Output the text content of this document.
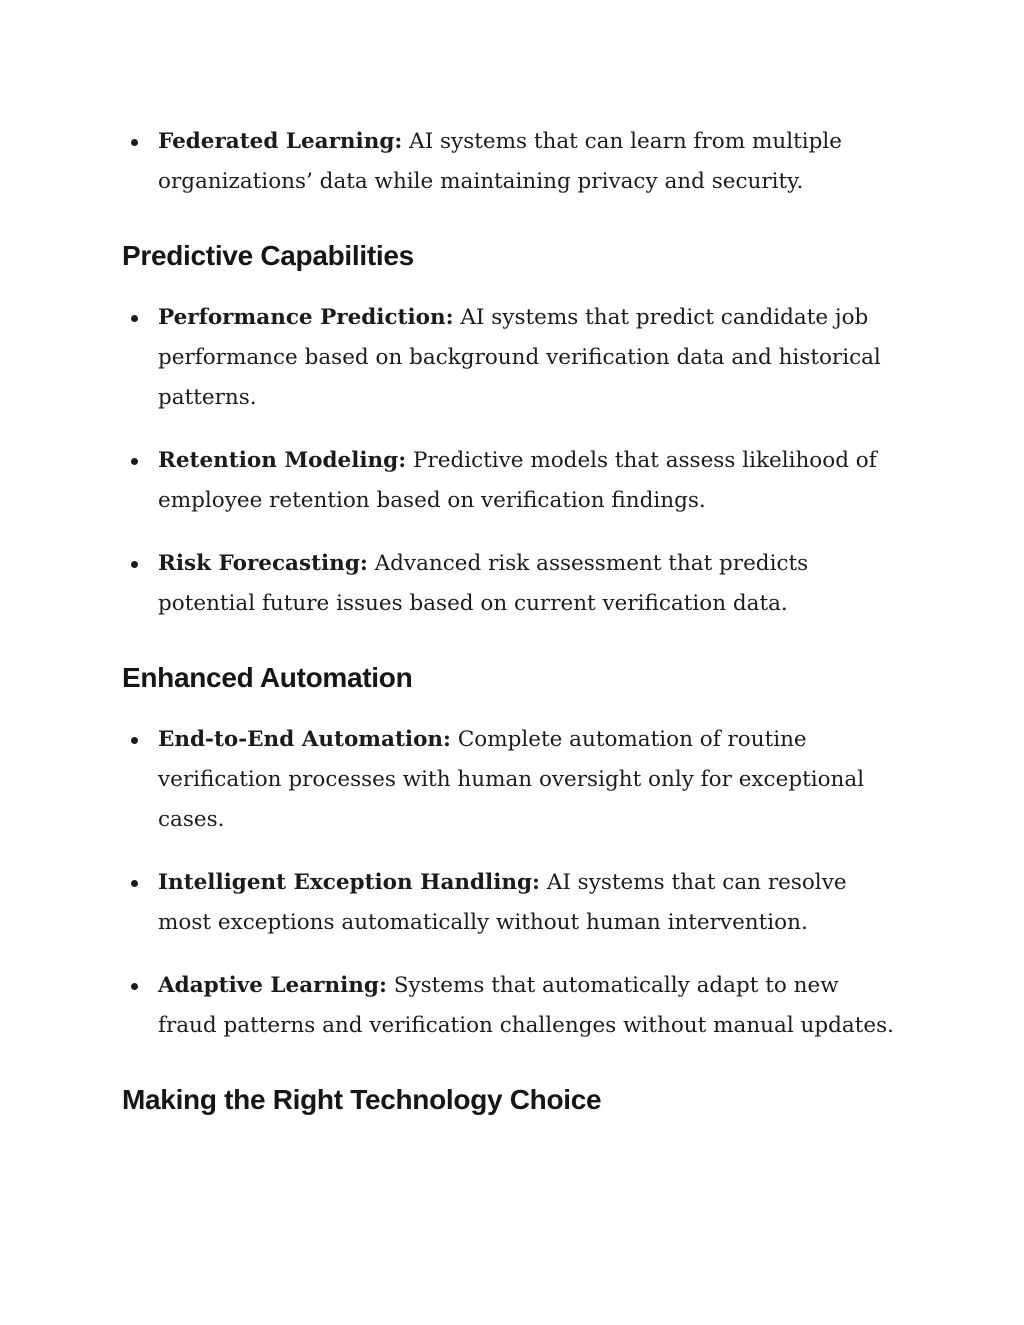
Federated Learning: AI systems that can learn from multiple organizations’ data while maintaining privacy and security.
Predictive Capabilities
Performance Prediction: AI systems that predict candidate job performance based on background verification data and historical patterns.
Retention Modeling: Predictive models that assess likelihood of employee retention based on verification findings.
Risk Forecasting: Advanced risk assessment that predicts potential future issues based on current verification data.
Enhanced Automation
End-to-End Automation: Complete automation of routine verification processes with human oversight only for exceptional cases.
Intelligent Exception Handling: AI systems that can resolve most exceptions automatically without human intervention.
Adaptive Learning: Systems that automatically adapt to new fraud patterns and verification challenges without manual updates.
Making the Right Technology Choice
